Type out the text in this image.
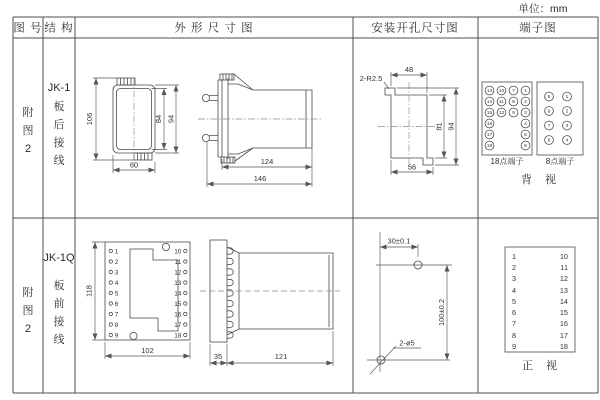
单位：mm
图 号 结 构	外 形 尺 寸 图	安装开孔尺寸图	端子图
附
图
2
JK-1
板
后
接
线
106	84 94
60	124
146
2-R2.5
48
81 94
56
13 10 7 1
14 11 8 2
15 12 9 3
16	4
17	5
18	6
18点端子
5	1
6	2
7	3
8	4
8点端子
背 视
附
图
2
JK-1Q
板
前
接
线
1
2
3
4
5
6
7
8
9
10
11
12
13
14
15
16
17
18
118
102
35	121
30±0.1
100±0.2
2-ø5
1
2
3
4
5
6
7
8
9
10
11
12
13
14
15
16
17
18
正 视
